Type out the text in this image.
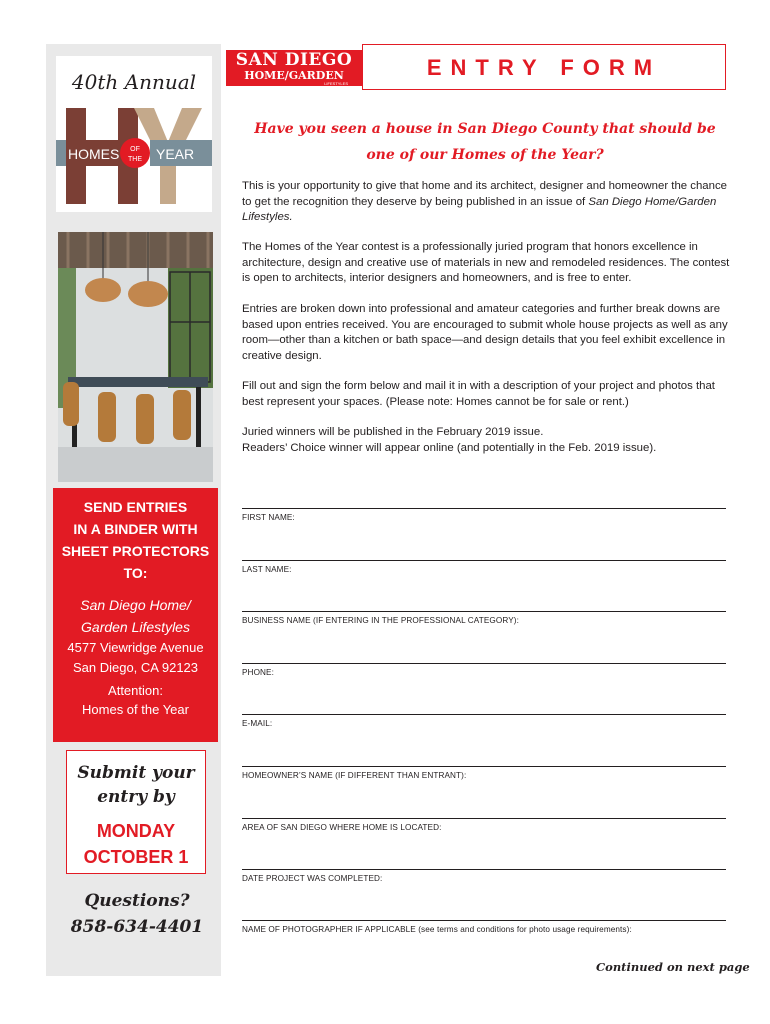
40th Annual
HOMES OF
THE YEAR
SEND ENTRIES
IN A BINDER WITH
SHEET PROTECTORS
TO:
San Diego Home/
Garden Lifestyles
4577 Viewridge Avenue
San Diego, CA 92123
Attention:
Homes of the Year
Submit your
entry by
MONDAY
OCTOBER 1
Questions?
858-634-4401
SAN DIEGO
HOME/GARDEN
LIFESTYLES
ENTRY FORM
Have you seen a house in San Diego County that should be
one of our Homes of the Year?
This is your opportunity to give that home and its architect, designer and homeowner the chance to get the recognition they deserve by being published in an issue of San Diego Home/Garden Lifestyles.
The Homes of the Year contest is a professionally juried program that honors excellence in architecture, design and creative use of materials in new and remodeled residences. The contest is open to architects, interior designers and homeowners, and is free to enter.
Entries are broken down into professional and amateur categories and further break downs are based upon entries received. You are encouraged to submit whole house projects as well as any room—other than a kitchen or bath space—and design details that you feel exhibit excellence in creative design.
Fill out and sign the form below and mail it in with a description of your project and photos that best represent your spaces. (Please note: Homes cannot be for sale or rent.)
Juried winners will be published in the February 2019 issue.
Readers’ Choice winner will appear online (and potentially in the Feb. 2019 issue).
FIRST NAME:
LAST NAME:
BUSINESS NAME (IF ENTERING IN THE PROFESSIONAL CATEGORY):
PHONE:
E-MAIL:
HOMEOWNER’S NAME (IF DIFFERENT THAN ENTRANT):
AREA OF SAN DIEGO WHERE HOME IS LOCATED:
DATE PROJECT WAS COMPLETED:
NAME OF PHOTOGRAPHER IF APPLICABLE (see terms and conditions for photo usage requirements):
Continued on next page
